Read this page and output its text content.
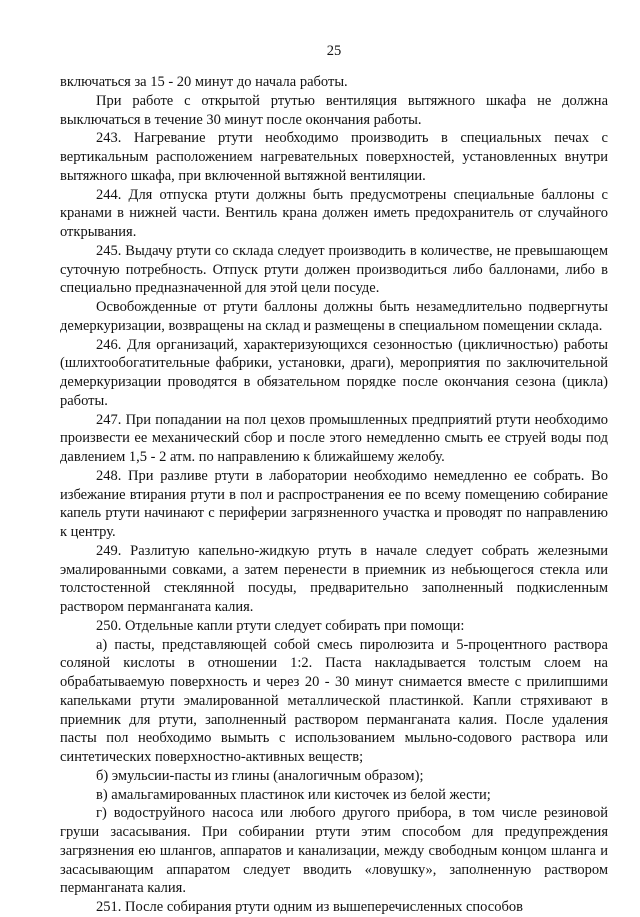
25

включаться за 15 - 20 минут до начала работы.

При работе с открытой ртутью вентиляция вытяжного шкафа не должна выключаться в течение 30 минут после окончания работы.

243. Нагревание ртути необходимо производить в специальных печах с вертикальным расположением нагревательных поверхностей, установленных внутри вытяжного шкафа, при включенной вытяжной вентиляции.

244. Для отпуска ртути должны быть предусмотрены специальные баллоны с кранами в нижней части. Вентиль крана должен иметь предохранитель от случайного открывания.

245. Выдачу ртути со склада следует производить в количестве, не превышающем суточную потребность. Отпуск ртути должен производиться либо баллонами, либо в специально предназначенной для этой цели посуде.

Освобожденные от ртути баллоны должны быть незамедлительно подвергнуты демеркуризации, возвращены на склад и размещены в специальном помещении склада.

246. Для организаций, характеризующихся сезонностью (цикличностью) работы (шлихтообогатительные фабрики, установки, драги), мероприятия по заключительной демеркуризации проводятся в обязательном порядке после окончания сезона (цикла) работы.

247. При попадании на пол цехов промышленных предприятий ртути необходимо произвести ее механический сбор и после этого немедленно смыть ее струей воды под давлением 1,5 - 2 атм. по направлению к ближайшему желобу.

248. При разливе ртути в лаборатории необходимо немедленно ее собрать. Во избежание втирания ртути в пол и распространения ее по всему помещению собирание капель ртути начинают с периферии загрязненного участка и проводят по направлению к центру.

249. Разлитую капельно-жидкую ртуть в начале следует собрать железными эмалированными совками, а затем перенести в приемник из небьющегося стекла или толстостенной стеклянной посуды, предварительно заполненный подкисленным раствором перманганата калия.

250. Отдельные капли ртути следует собирать при помощи:

а) пасты, представляющей собой смесь пиролюзита и 5-процентного раствора соляной кислоты в отношении 1:2. Паста накладывается толстым слоем на обрабатываемую поверхность и через 20 - 30 минут снимается вместе с прилипшими капельками ртути эмалированной металлической пластинкой. Капли стряхивают в приемник для ртути, заполненный раствором перманганата калия. После удаления пасты пол необходимо вымыть с использованием мыльно-содового раствора или синтетических поверхностно-активных веществ;

б) эмульсии-пасты из глины (аналогичным образом);

в) амальгамированных пластинок или кисточек из белой жести;

г) водоструйного насоса или любого другого прибора, в том числе резиновой груши засасывания. При собирании ртути этим способом для предупреждения загрязнения ею шлангов, аппаратов и канализации, между свободным концом шланга и засасывающим аппаратом следует вводить «ловушку», заполненную раствором перманганата калия.

251. После собирания ртути одним из вышеперечисленных способов
